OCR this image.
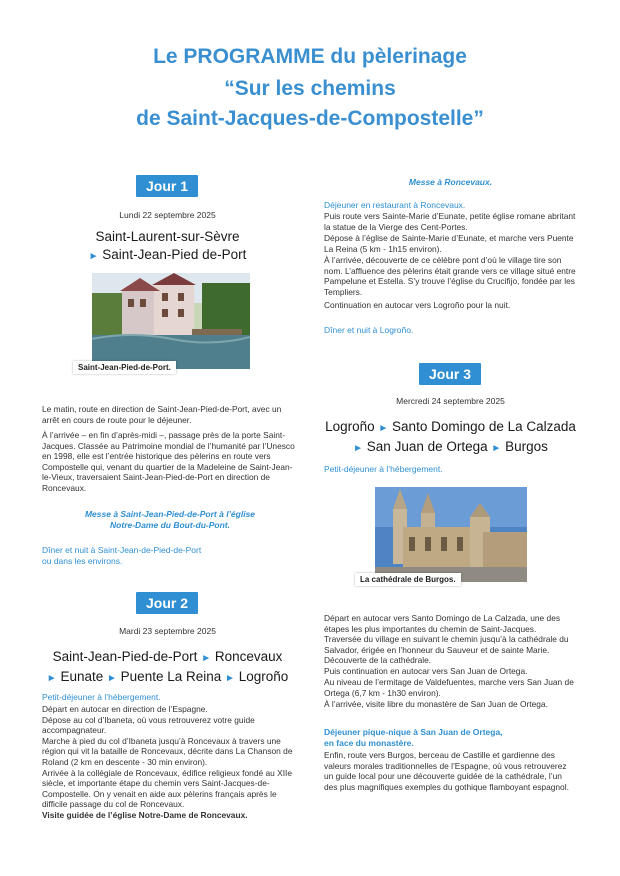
Le PROGRAMME du pèlerinage
“Sur les chemins
de Saint-Jacques-de-Compostelle”
Jour 1
Lundi 22 septembre 2025
Saint-Laurent-sur-Sèvre
► Saint-Jean-Pied de-Port
Saint-Jean-Pied-de-Port.
Le matin, route en direction de Saint-Jean-Pied-de-Port, avec un arrêt en cours de route pour le déjeuner.
À l’arrivée – en fin d’après-midi –, passage près de la porte Saint-Jacques. Classée au Patrimoine mondial de l’humanité par l’Unesco en 1998, elle est l’entrée historique des pèlerins en route vers Compostelle qui, venant du quartier de la Madeleine de Saint-Jean-le-Vieux, traversaient Saint-Jean-Pied-de-Port en direction de Roncevaux.
Messe à Saint-Jean-Pied-de-Port à l’église
Notre-Dame du Bout-du-Pont.
Dîner et nuit à Saint-Jean-de-Pied-de-Port
ou dans les environs.
Jour 2
Mardi 23 septembre 2025
Saint-Jean-Pied-de-Port ► Roncevaux
► Eunate ► Puente La Reina ► Logroño
Petit-déjeuner à l’hébergement.
Départ en autocar en direction de l’Espagne.
Dépose au col d’Ibaneta, où vous retrouverez votre guide accompagnateur.
Marche à pied du col d’Ibaneta jusqu’à Roncevaux à travers une région qui vit la bataille de Roncevaux, décrite dans La Chanson de Roland (2 km en descente - 30 min environ).
Arrivée à la collégiale de Roncevaux, édifice religieux fondé au XIIe siècle, et importante étape du chemin vers Saint-Jacques-de-Compostelle. On y venait en aide aux pèlerins français après le difficile passage du col de Roncevaux.
Visite guidée de l’église Notre-Dame de Roncevaux.
Messe à Roncevaux.
Déjeuner en restaurant à Roncevaux.
Puis route vers Sainte-Marie d’Eunate, petite église romane abritant la statue de la Vierge des Cent-Portes.
Dépose à l’église de Sainte-Marie d’Eunate, et marche vers Puente La Reina (5 km - 1h15 environ).
À l’arrivée, découverte de ce célèbre pont d’où le village tire son nom. L’affluence des pèlerins était grande vers ce village situé entre Pampelune et Estella. S’y trouve l’église du Crucifijo, fondée par les Templiers.
Continuation en autocar vers Logroño pour la nuit.
Dîner et nuit à Logroño.
Jour 3
Mercredi 24 septembre 2025
Logroño ► Santo Domingo de La Calzada
► San Juan de Ortega ► Burgos
Petit-déjeuner à l’hébergement.
La cathédrale de Burgos.
Départ en autocar vers Santo Domingo de La Calzada, une des étapes les plus importantes du chemin de Saint-Jacques.
Traversée du village en suivant le chemin jusqu’à la cathédrale du Salvador, érigée en l’honneur du Sauveur et de sainte Marie. Découverte de la cathédrale.
Puis continuation en autocar vers San Juan de Ortega.
Au niveau de l’ermitage de Valdefuentes, marche vers San Juan de Ortega (6,7 km - 1h30 environ).
À l’arrivée, visite libre du monastère de San Juan de Ortega.
Déjeuner pique-nique à San Juan de Ortega,
en face du monastère.
Enfin, route vers Burgos, berceau de Castille et gardienne des valeurs morales traditionnelles de l’Espagne, où vous retrouverez un guide local pour une découverte guidée de la cathédrale, l’un des plus magnifiques exemples du gothique flamboyant espagnol.
